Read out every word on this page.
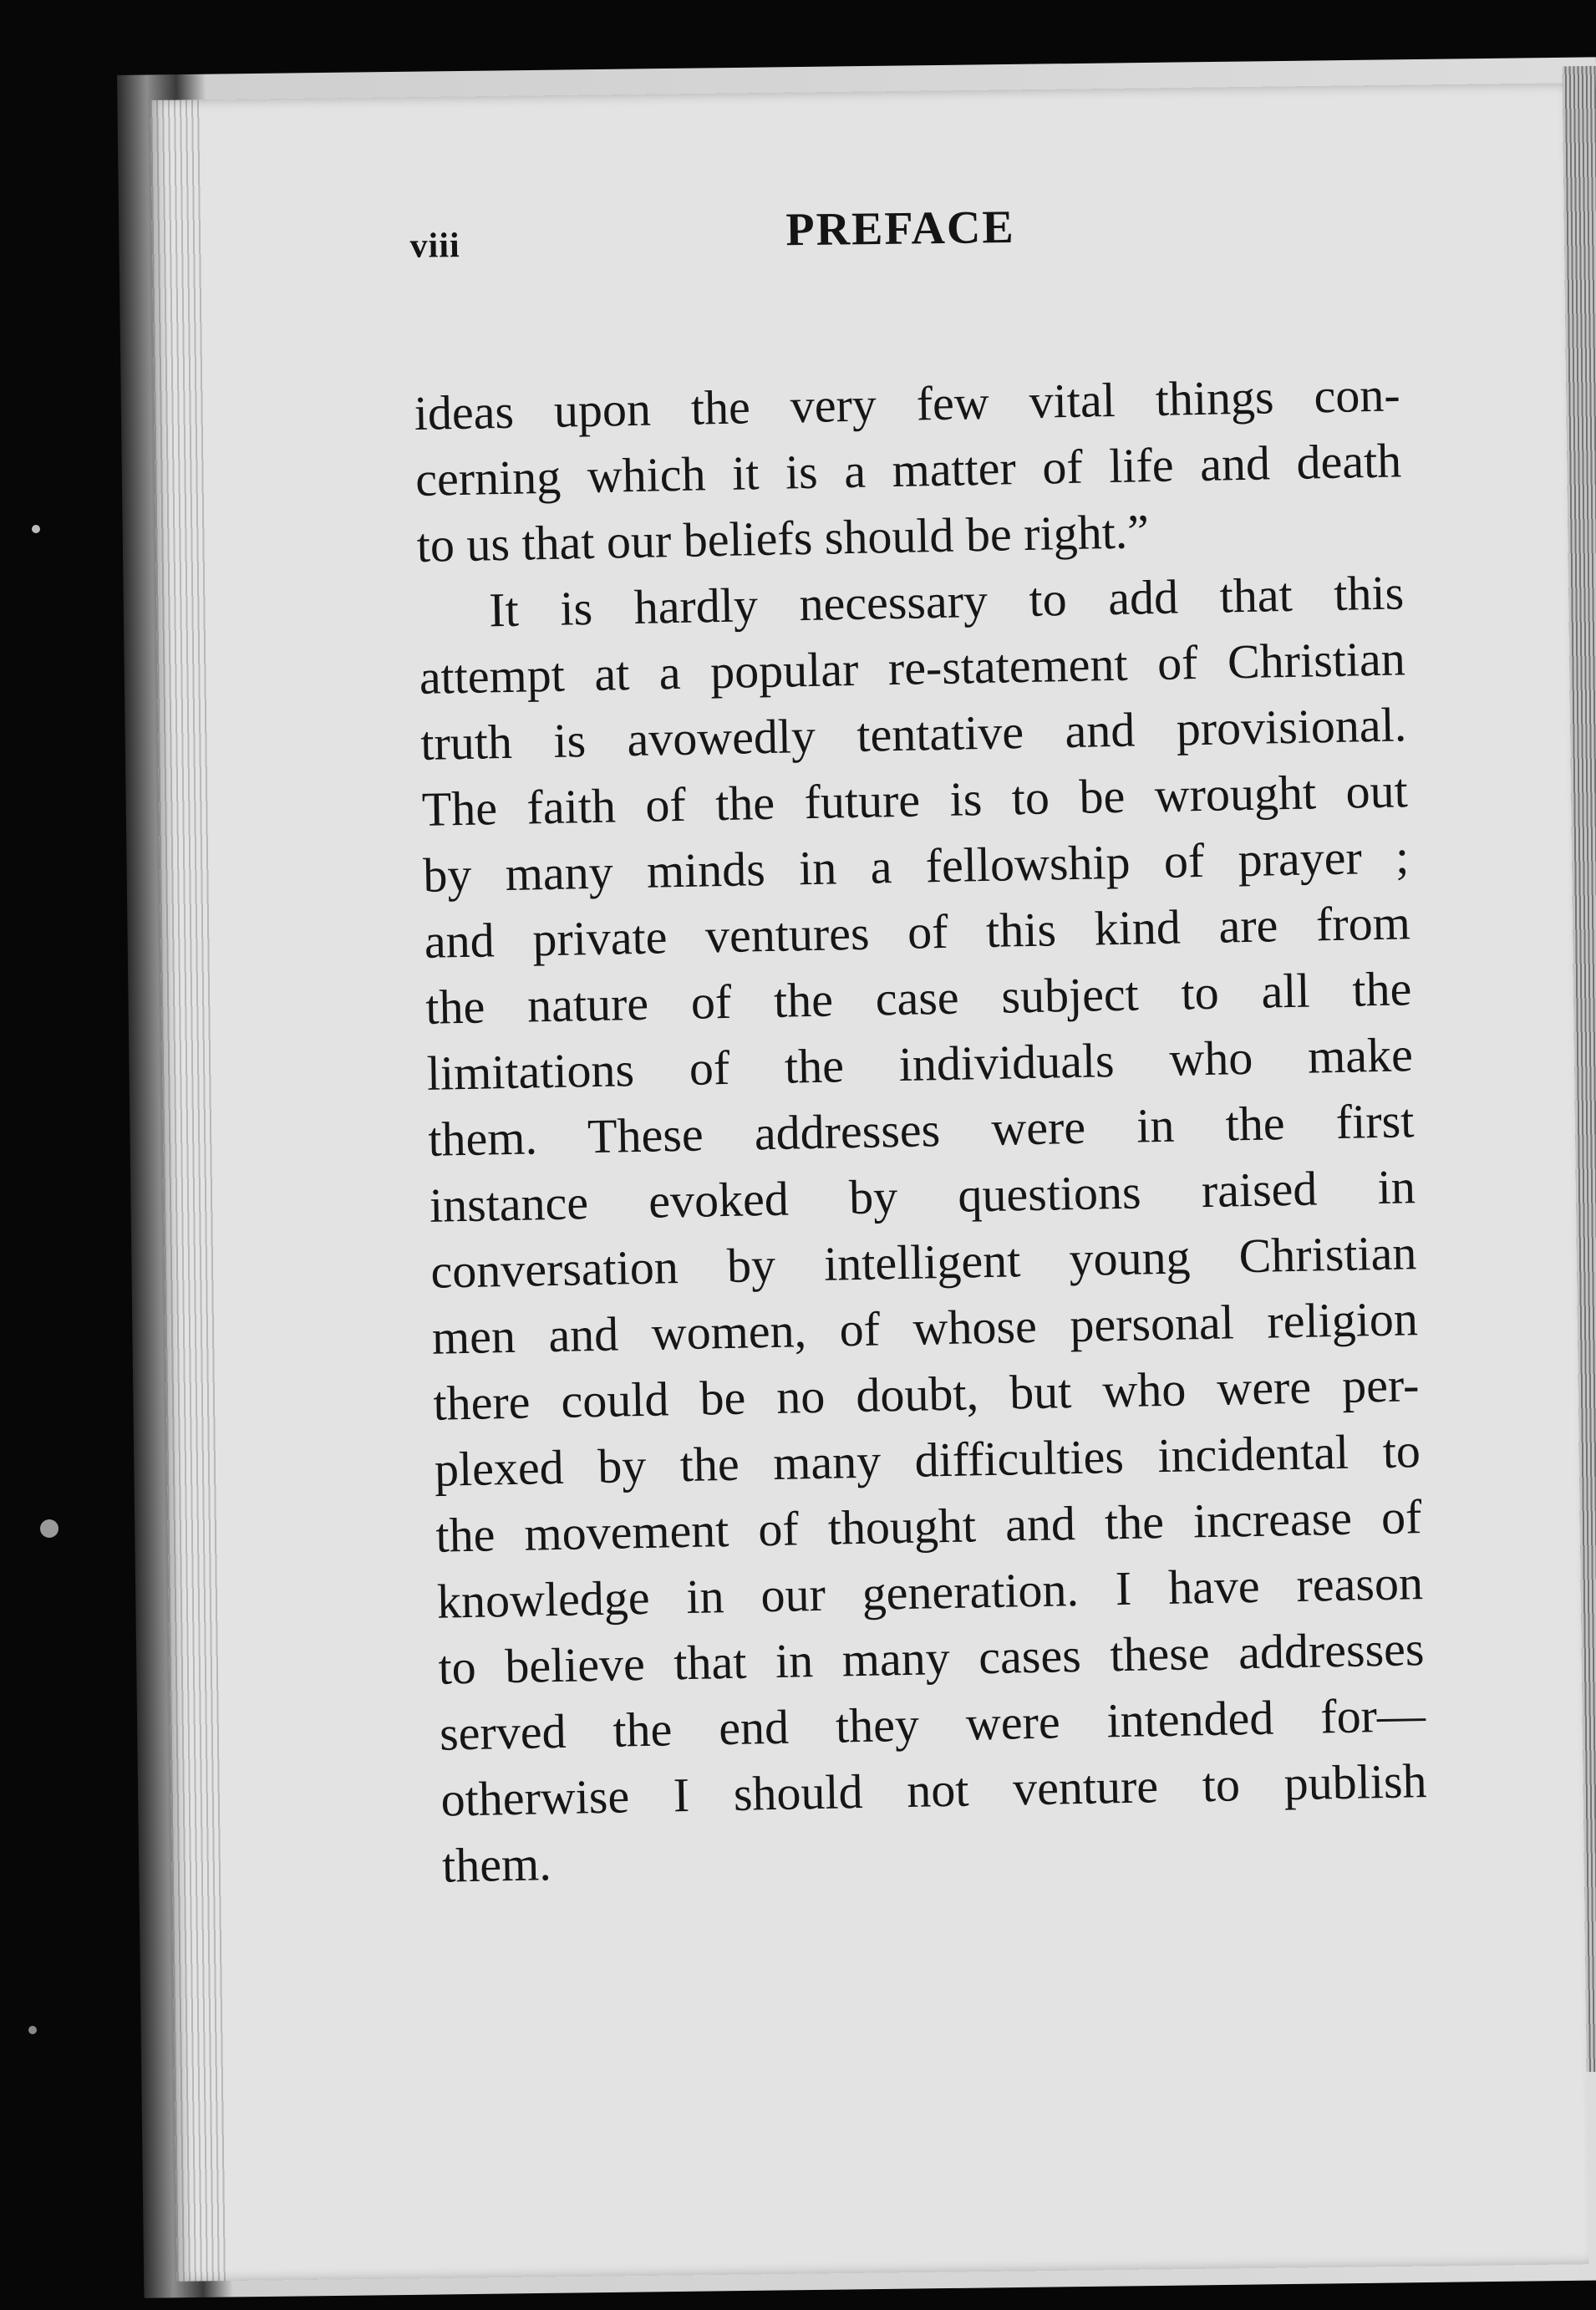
viii	PREFACE
ideas upon the very few vital things con-
cerning which it is a matter of life and death
to us that our beliefs should be right.”
It is hardly necessary to add that this
attempt at a popular re-statement of Christian
truth is avowedly tentative and provisional.
The faith of the future is to be wrought out
by many minds in a fellowship of prayer ;
and private ventures of this kind are from
the nature of the case subject to all the
limitations of the individuals who make
them. These addresses were in the first
instance evoked by questions raised in
conversation by intelligent young Christian
men and women, of whose personal religion
there could be no doubt, but who were per-
plexed by the many difficulties incidental to
the movement of thought and the increase of
knowledge in our generation. I have reason
to believe that in many cases these addresses
served the end they were intended for—
otherwise I should not venture to publish
them.
